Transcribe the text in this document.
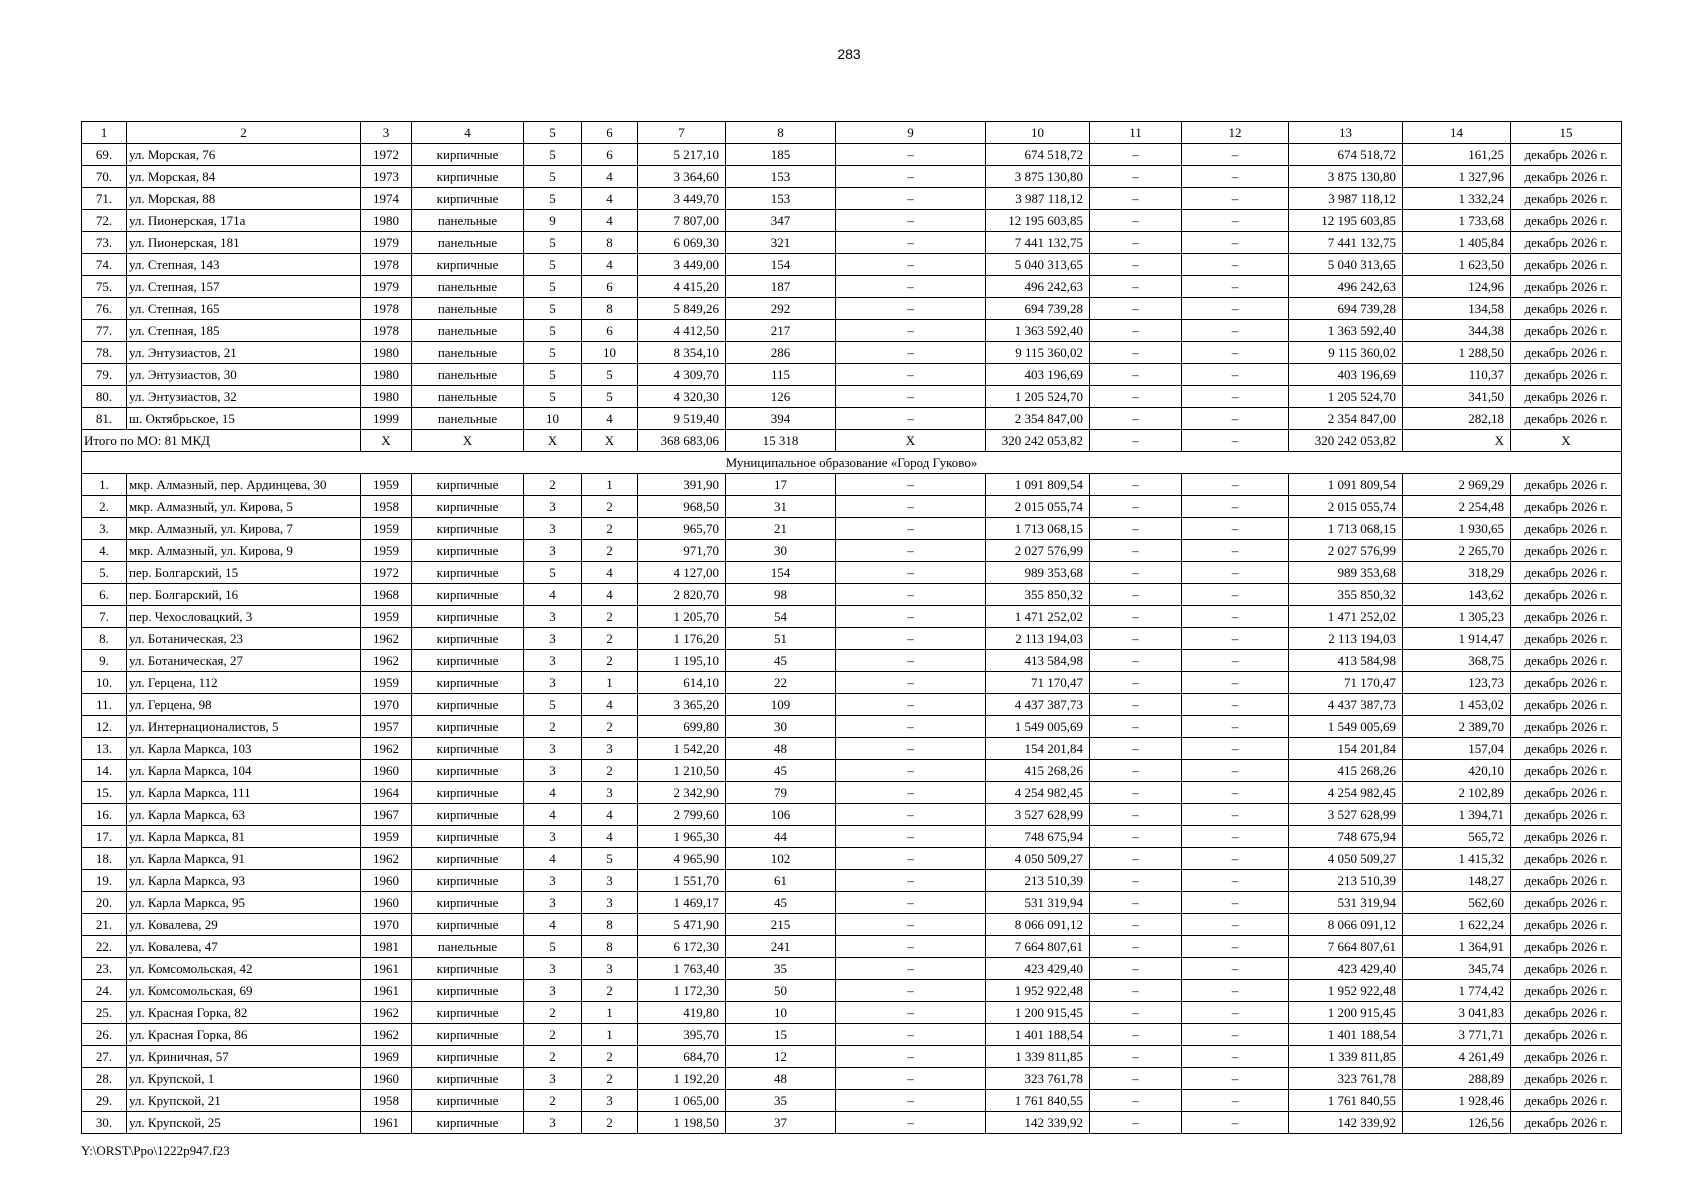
283
1	2	3	4	5	6	7	8	9	10	11	12	13	14	15
69.	ул. Морская, 76	1972	кирпичные	5	6	5 217,10	185	–	674 518,72	–	–	674 518,72	161,25	декабрь 2026 г.
70.	ул. Морская, 84	1973	кирпичные	5	4	3 364,60	153	–	3 875 130,80	–	–	3 875 130,80	1 327,96	декабрь 2026 г.
71.	ул. Морская, 88	1974	кирпичные	5	4	3 449,70	153	–	3 987 118,12	–	–	3 987 118,12	1 332,24	декабрь 2026 г.
72.	ул. Пионерская, 171а	1980	панельные	9	4	7 807,00	347	–	12 195 603,85	–	–	12 195 603,85	1 733,68	декабрь 2026 г.
73.	ул. Пионерская, 181	1979	панельные	5	8	6 069,30	321	–	7 441 132,75	–	–	7 441 132,75	1 405,84	декабрь 2026 г.
74.	ул. Степная, 143	1978	кирпичные	5	4	3 449,00	154	–	5 040 313,65	–	–	5 040 313,65	1 623,50	декабрь 2026 г.
75.	ул. Степная, 157	1979	панельные	5	6	4 415,20	187	–	496 242,63	–	–	496 242,63	124,96	декабрь 2026 г.
76.	ул. Степная, 165	1978	панельные	5	8	5 849,26	292	–	694 739,28	–	–	694 739,28	134,58	декабрь 2026 г.
77.	ул. Степная, 185	1978	панельные	5	6	4 412,50	217	–	1 363 592,40	–	–	1 363 592,40	344,38	декабрь 2026 г.
78.	ул. Энтузиастов, 21	1980	панельные	5	10	8 354,10	286	–	9 115 360,02	–	–	9 115 360,02	1 288,50	декабрь 2026 г.
79.	ул. Энтузиастов, 30	1980	панельные	5	5	4 309,70	115	–	403 196,69	–	–	403 196,69	110,37	декабрь 2026 г.
80.	ул. Энтузиастов, 32	1980	панельные	5	5	4 320,30	126	–	1 205 524,70	–	–	1 205 524,70	341,50	декабрь 2026 г.
81.	ш. Октябрьское, 15	1999	панельные	10	4	9 519,40	394	–	2 354 847,00	–	–	2 354 847,00	282,18	декабрь 2026 г.
Итого по МО: 81 МКД		X	X	X	X	368 683,06	15 318	X	320 242 053,82	–	–	320 242 053,82	X	X
Муниципальное образование «Город Гуково»														
1.	мкр. Алмазный, пер. Ардинцева, 30	1959	кирпичные	2	1	391,90	17	–	1 091 809,54	–	–	1 091 809,54	2 969,29	декабрь 2026 г.
2.	мкр. Алмазный, ул. Кирова, 5	1958	кирпичные	3	2	968,50	31	–	2 015 055,74	–	–	2 015 055,74	2 254,48	декабрь 2026 г.
3.	мкр. Алмазный, ул. Кирова, 7	1959	кирпичные	3	2	965,70	21	–	1 713 068,15	–	–	1 713 068,15	1 930,65	декабрь 2026 г.
4.	мкр. Алмазный, ул. Кирова, 9	1959	кирпичные	3	2	971,70	30	–	2 027 576,99	–	–	2 027 576,99	2 265,70	декабрь 2026 г.
5.	пер. Болгарский, 15	1972	кирпичные	5	4	4 127,00	154	–	989 353,68	–	–	989 353,68	318,29	декабрь 2026 г.
6.	пер. Болгарский, 16	1968	кирпичные	4	4	2 820,70	98	–	355 850,32	–	–	355 850,32	143,62	декабрь 2026 г.
7.	пер. Чехословацкий, 3	1959	кирпичные	3	2	1 205,70	54	–	1 471 252,02	–	–	1 471 252,02	1 305,23	декабрь 2026 г.
8.	ул. Ботаническая, 23	1962	кирпичные	3	2	1 176,20	51	–	2 113 194,03	–	–	2 113 194,03	1 914,47	декабрь 2026 г.
9.	ул. Ботаническая, 27	1962	кирпичные	3	2	1 195,10	45	–	413 584,98	–	–	413 584,98	368,75	декабрь 2026 г.
10.	ул. Герцена, 112	1959	кирпичные	3	1	614,10	22	–	71 170,47	–	–	71 170,47	123,73	декабрь 2026 г.
11.	ул. Герцена, 98	1970	кирпичные	5	4	3 365,20	109	–	4 437 387,73	–	–	4 437 387,73	1 453,02	декабрь 2026 г.
12.	ул. Интернационалистов, 5	1957	кирпичные	2	2	699,80	30	–	1 549 005,69	–	–	1 549 005,69	2 389,70	декабрь 2026 г.
13.	ул. Карла Маркса, 103	1962	кирпичные	3	3	1 542,20	48	–	154 201,84	–	–	154 201,84	157,04	декабрь 2026 г.
14.	ул. Карла Маркса, 104	1960	кирпичные	3	2	1 210,50	45	–	415 268,26	–	–	415 268,26	420,10	декабрь 2026 г.
15.	ул. Карла Маркса, 111	1964	кирпичные	4	3	2 342,90	79	–	4 254 982,45	–	–	4 254 982,45	2 102,89	декабрь 2026 г.
16.	ул. Карла Маркса, 63	1967	кирпичные	4	4	2 799,60	106	–	3 527 628,99	–	–	3 527 628,99	1 394,71	декабрь 2026 г.
17.	ул. Карла Маркса, 81	1959	кирпичные	3	4	1 965,30	44	–	748 675,94	–	–	748 675,94	565,72	декабрь 2026 г.
18.	ул. Карла Маркса, 91	1962	кирпичные	4	5	4 965,90	102	–	4 050 509,27	–	–	4 050 509,27	1 415,32	декабрь 2026 г.
19.	ул. Карла Маркса, 93	1960	кирпичные	3	3	1 551,70	61	–	213 510,39	–	–	213 510,39	148,27	декабрь 2026 г.
20.	ул. Карла Маркса, 95	1960	кирпичные	3	3	1 469,17	45	–	531 319,94	–	–	531 319,94	562,60	декабрь 2026 г.
21.	ул. Ковалева, 29	1970	кирпичные	4	8	5 471,90	215	–	8 066 091,12	–	–	8 066 091,12	1 622,24	декабрь 2026 г.
22.	ул. Ковалева, 47	1981	панельные	5	8	6 172,30	241	–	7 664 807,61	–	–	7 664 807,61	1 364,91	декабрь 2026 г.
23.	ул. Комсомольская, 42	1961	кирпичные	3	3	1 763,40	35	–	423 429,40	–	–	423 429,40	345,74	декабрь 2026 г.
24.	ул. Комсомольская, 69	1961	кирпичные	3	2	1 172,30	50	–	1 952 922,48	–	–	1 952 922,48	1 774,42	декабрь 2026 г.
25.	ул. Красная Горка, 82	1962	кирпичные	2	1	419,80	10	–	1 200 915,45	–	–	1 200 915,45	3 041,83	декабрь 2026 г.
26.	ул. Красная Горка, 86	1962	кирпичные	2	1	395,70	15	–	1 401 188,54	–	–	1 401 188,54	3 771,71	декабрь 2026 г.
27.	ул. Криничная, 57	1969	кирпичные	2	2	684,70	12	–	1 339 811,85	–	–	1 339 811,85	4 261,49	декабрь 2026 г.
28.	ул. Крупской, 1	1960	кирпичные	3	2	1 192,20	48	–	323 761,78	–	–	323 761,78	288,89	декабрь 2026 г.
29.	ул. Крупской, 21	1958	кирпичные	2	3	1 065,00	35	–	1 761 840,55	–	–	1 761 840,55	1 928,46	декабрь 2026 г.
30.	ул. Крупской, 25	1961	кирпичные	3	2	1 198,50	37	–	142 339,92	–	–	142 339,92	126,56	декабрь 2026 г.
Y:\ORST\Ppo\1222p947.f23
